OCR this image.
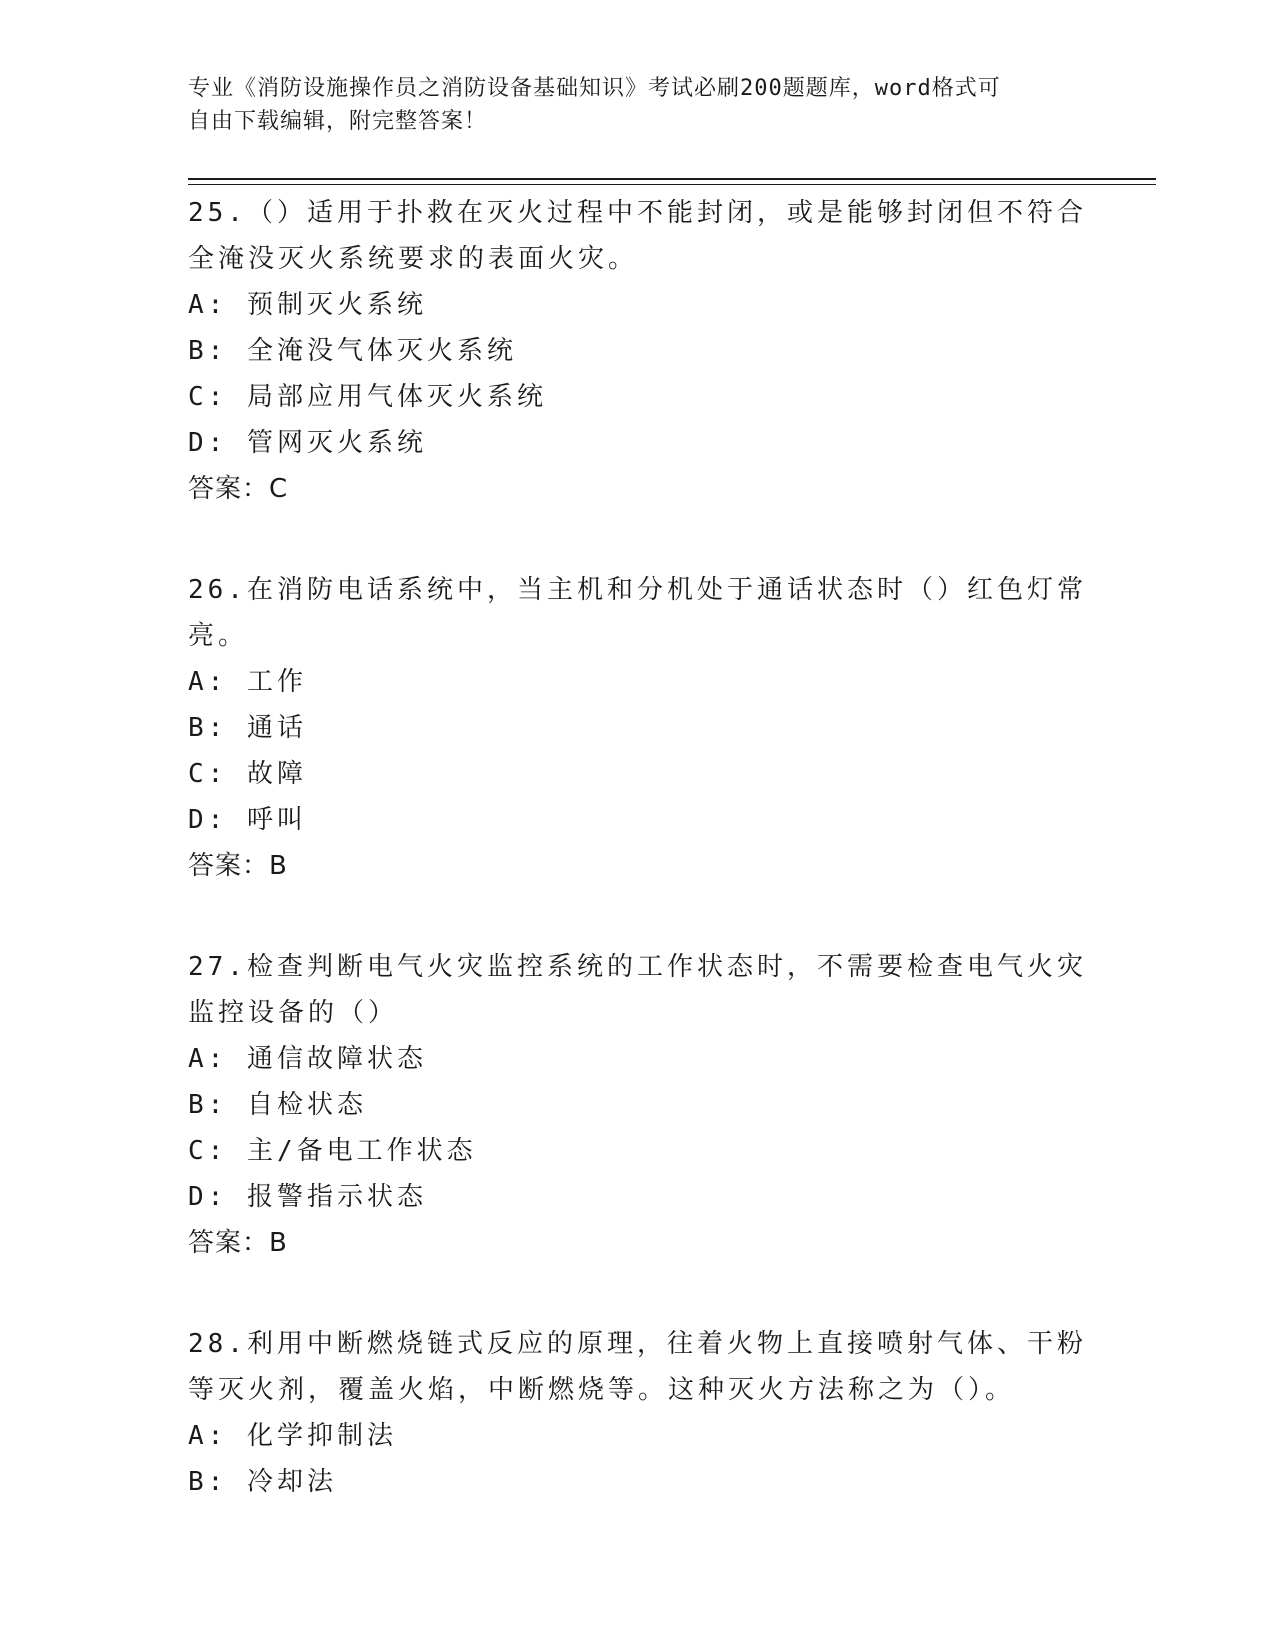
专业《消防设施操作员之消防设备基础知识》考试必刷200题题库，word格式可
自由下载编辑，附完整答案！
25.（）适用于扑救在灭火过程中不能封闭，或是能够封闭但不符合全淹没灭火系统要求的表面火灾。
A: 预制灭火系统
B: 全淹没气体灭火系统
C: 局部应用气体灭火系统
D: 管网灭火系统
答案：C
26.在消防电话系统中，当主机和分机处于通话状态时（）红色灯常亮。
A: 工作
B: 通话
C: 故障
D: 呼叫
答案：B
27.检查判断电气火灾监控系统的工作状态时，不需要检查电气火灾监控设备的（）
A: 通信故障状态
B: 自检状态
C: 主/备电工作状态
D: 报警指示状态
答案：B
28.利用中断燃烧链式反应的原理，往着火物上直接喷射气体、干粉等灭火剂，覆盖火焰，中断燃烧等。这种灭火方法称之为（）。
A: 化学抑制法
B: 冷却法
